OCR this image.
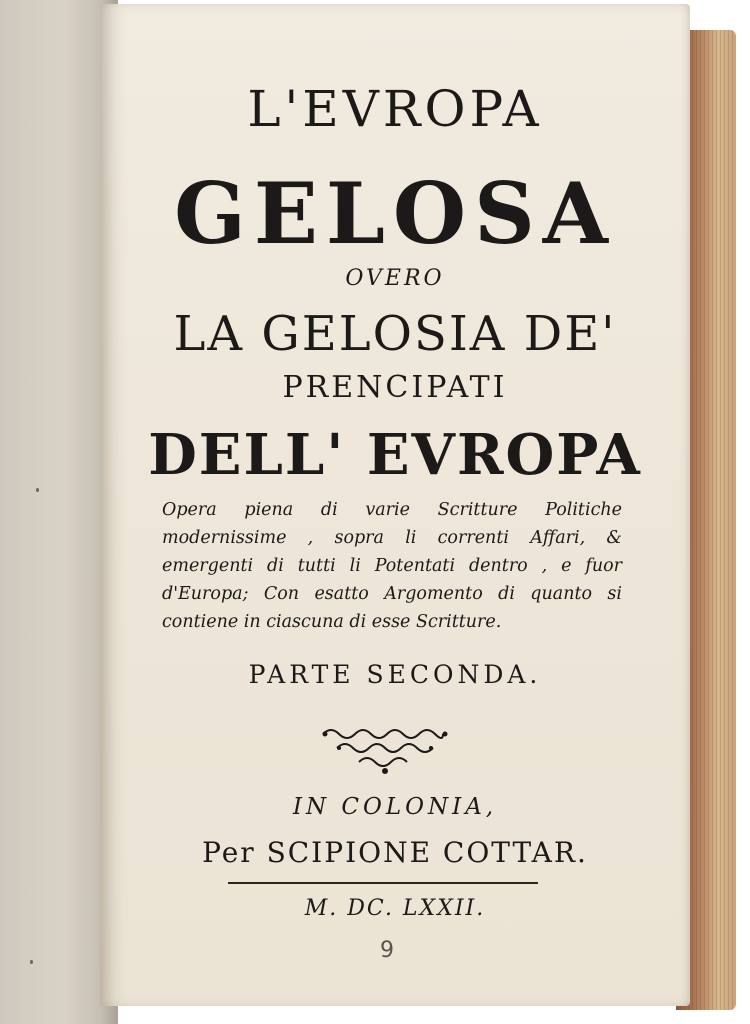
L'EVROPA
GELOSA
OVERO
LA GELOSIA DE'
PRENCIPATI
DELL' EVROPA
Opera piena di varie Scritture Politiche
modernissime , sopra li correnti Affari, &
emergenti di tutti li Potentati dentro , e fuor
d'Europa; Con esatto Argomento di quanto si
contiene in ciascuna di esse Scritture.
PARTE SECONDA.
IN COLONIA,
Per SCIPIONE COTTAR.
M. DC. LXXII.
9
